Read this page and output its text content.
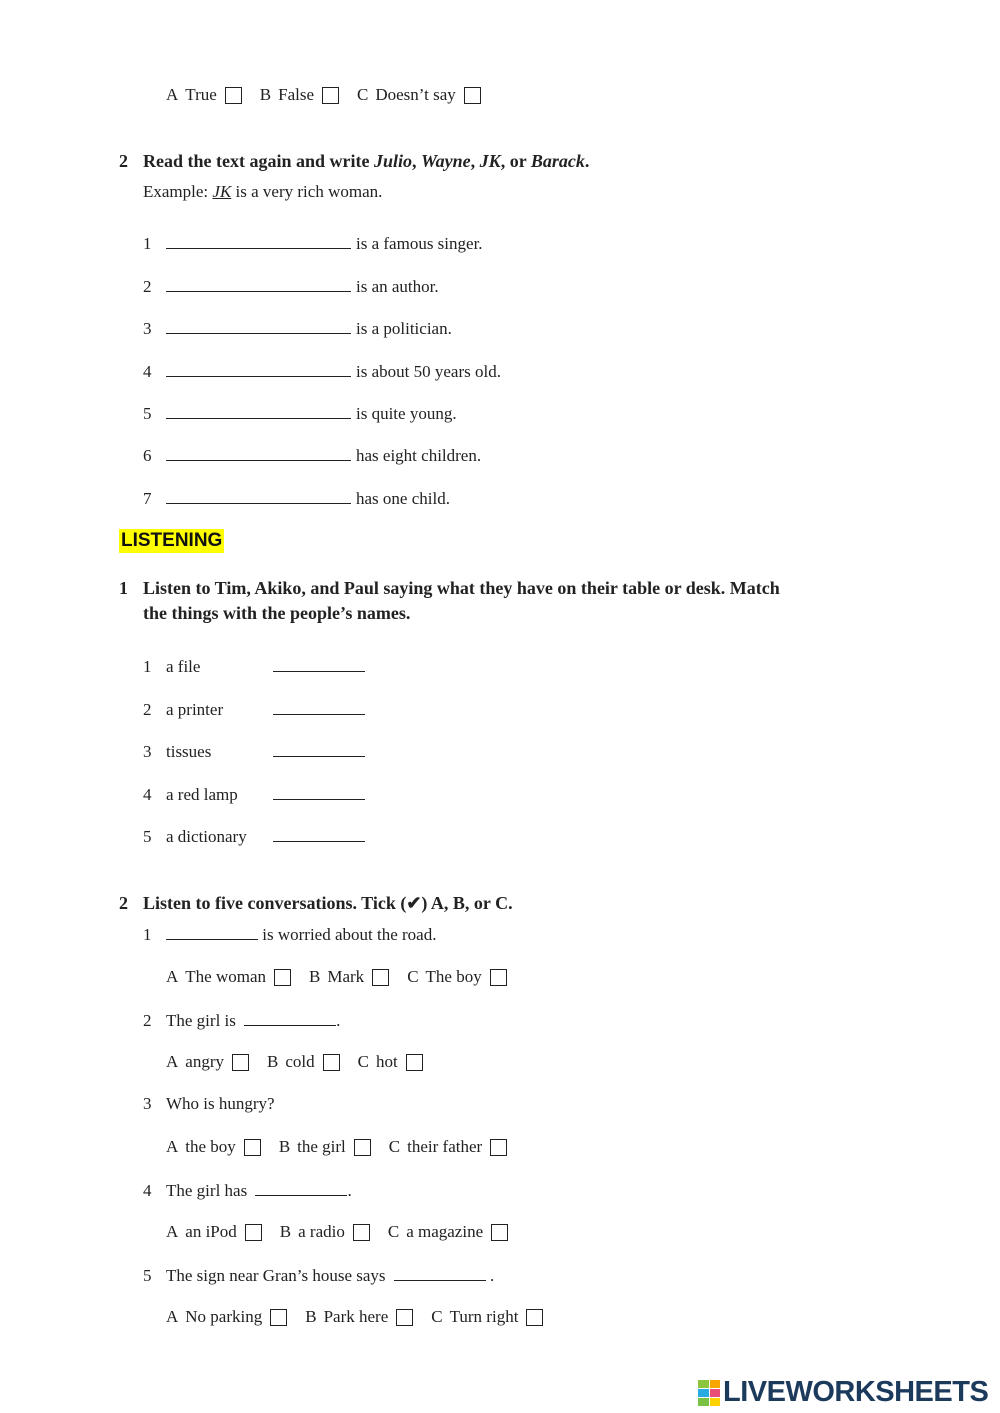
A True	B False	C Doesn’t say
2 Read the text again and write Julio, Wayne, JK, or Barack.
Example: JK is a very rich woman.
1	is a famous singer.
2	is an author.
3	is a politician.
4	is about 50 years old.
5	is quite young.
6	has eight children.
7	has one child.
LISTENING
1 Listen to Tim, Akiko, and Paul saying what they have on their table or desk. Match
the things with the people’s names.
1 a file
2 a printer
3 tissues
4 a red lamp
5 a dictionary
2 Listen to five conversations. Tick (✔) A, B, or C.
1	is worried about the road.
A The woman	B Mark	C The boy
2 The girl is	.
A angry	B cold	C hot
3 Who is hungry?
A the boy	B the girl	C their father
4 The girl has	.
A an iPod	B a radio	C a magazine
5 The sign near Gran’s house says	.
A No parking	B Park here	C Turn right
LIVEWORKSHEETS
